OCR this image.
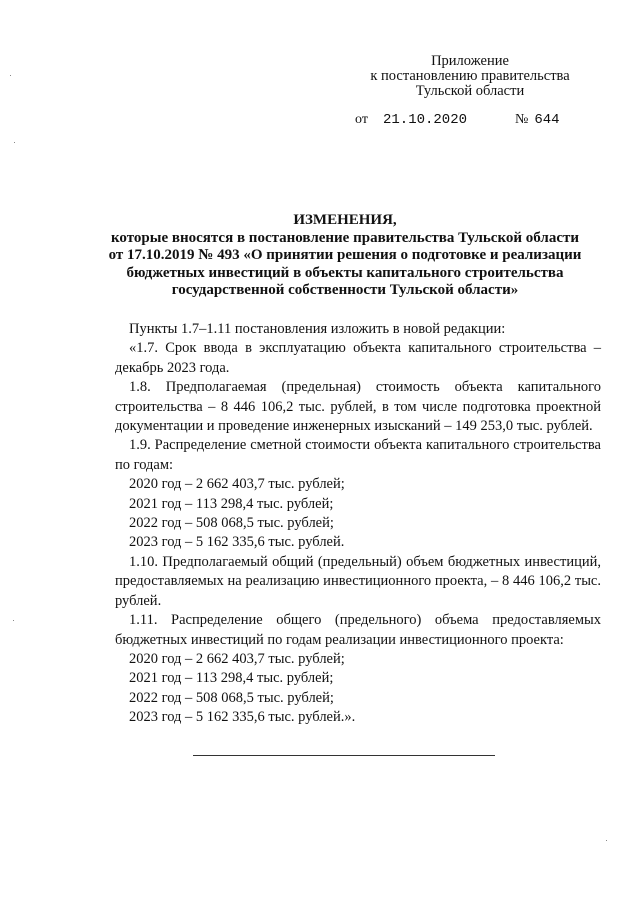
Приложение
к постановлению правительства
Тульской области
от 21.10.2020	№ 644
ИЗМЕНЕНИЯ,
которые вносятся в постановление правительства Тульской области
от 17.10.2019 № 493 «О принятии решения о подготовке и реализации
бюджетных инвестиций в объекты капитального строительства
государственной собственности Тульской области»

Пункты 1.7–1.11 постановления изложить в новой редакции:

«1.7. Срок ввода в эксплуатацию объекта капитального строительства – декабрь 2023 года.

1.8. Предполагаемая (предельная) стоимость объекта капитального строительства – 8 446 106,2 тыс. рублей, в том числе подготовка проектной документации и проведение инженерных изысканий – 149 253,0 тыс. рублей.

1.9. Распределение сметной стоимости объекта капитального строительства по годам:

2020 год – 2 662 403,7 тыс. рублей;

2021 год – 113 298,4 тыс. рублей;

2022 год – 508 068,5 тыс. рублей;

2023 год – 5 162 335,6 тыс. рублей.

1.10. Предполагаемый общий (предельный) объем бюджетных инвестиций, предоставляемых на реализацию инвестиционного проекта, – 8 446 106,2 тыс. рублей.

1.11. Распределение общего (предельного) объема предоставляемых бюджетных инвестиций по годам реализации инвестиционного проекта:

2020 год – 2 662 403,7 тыс. рублей;

2021 год – 113 298,4 тыс. рублей;

2022 год – 508 068,5 тыс. рублей;

2023 год – 5 162 335,6 тыс. рублей.».
